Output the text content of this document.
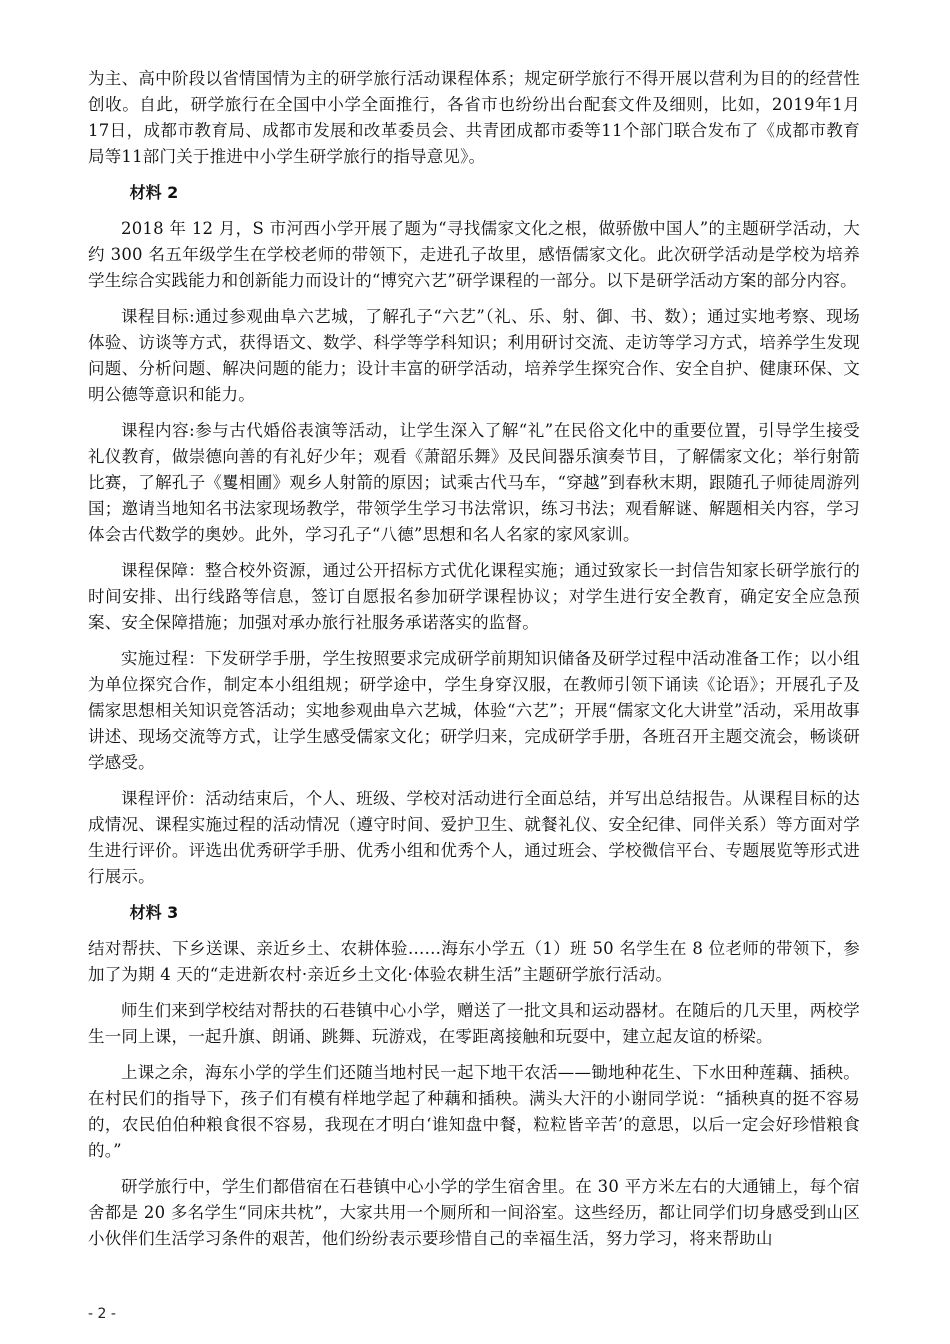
为主、高中阶段以省情国情为主的研学旅行活动课程体系；规定研学旅行不得开展以营利为目的的经营性创收。自此，研学旅行在全国中小学全面推行，各省市也纷纷出台配套文件及细则，比如，2019年1月17日，成都市教育局、成都市发展和改革委员会、共青团成都市委等11个部门联合发布了《成都市教育局等11部门关于推进中小学生研学旅行的指导意见》。

材料 2

2018 年 12 月，S 市河西小学开展了题为“寻找儒家文化之根，做骄傲中国人”的主题研学活动，大约 300 名五年级学生在学校老师的带领下，走进孔子故里，感悟儒家文化。此次研学活动是学校为培养学生综合实践能力和创新能力而设计的“博究六艺”研学课程的一部分。以下是研学活动方案的部分内容。

课程目标:通过参观曲阜六艺城，了解孔子“六艺”（礼、乐、射、御、书、数）；通过实地考察、现场体验、访谈等方式，获得语文、数学、科学等学科知识；利用研讨交流、走访等学习方式，培养学生发现问题、分析问题、解决问题的能力；设计丰富的研学活动，培养学生探究合作、安全自护、健康环保、文明公德等意识和能力。

课程内容:参与古代婚俗表演等活动，让学生深入了解“礼”在民俗文化中的重要位置，引导学生接受礼仪教育，做崇德向善的有礼好少年；观看《萧韶乐舞》及民间器乐演奏节目，了解儒家文化；举行射箭比赛，了解孔子《矍相圃》观乡人射箭的原因；试乘古代马车，“穿越”到春秋末期，跟随孔子师徒周游列国；邀请当地知名书法家现场教学，带领学生学习书法常识，练习书法；观看解谜、解题相关内容，学习体会古代数学的奥妙。此外，学习孔子“八德”思想和名人名家的家风家训。

课程保障：整合校外资源，通过公开招标方式优化课程实施；通过致家长一封信告知家长研学旅行的时间安排、出行线路等信息，签订自愿报名参加研学课程协议；对学生进行安全教育，确定安全应急预案、安全保障措施；加强对承办旅行社服务承诺落实的监督。

实施过程：下发研学手册，学生按照要求完成研学前期知识储备及研学过程中活动准备工作；以小组为单位探究合作，制定本小组组规；研学途中，学生身穿汉服，在教师引领下诵读《论语》；开展孔子及儒家思想相关知识竞答活动；实地参观曲阜六艺城，体验“六艺”；开展“儒家文化大讲堂”活动，采用故事讲述、现场交流等方式，让学生感受儒家文化；研学归来，完成研学手册，各班召开主题交流会，畅谈研学感受。

课程评价：活动结束后，个人、班级、学校对活动进行全面总结，并写出总结报告。从课程目标的达成情况、课程实施过程的活动情况（遵守时间、爱护卫生、就餐礼仪、安全纪律、同伴关系）等方面对学生进行评价。评选出优秀研学手册、优秀小组和优秀个人，通过班会、学校微信平台、专题展览等形式进行展示。

材料 3

结对帮扶、下乡送课、亲近乡土、农耕体验……海东小学五（1）班 50 名学生在 8 位老师的带领下，参加了为期 4 天的“走进新农村·亲近乡土文化·体验农耕生活”主题研学旅行活动。

师生们来到学校结对帮扶的石巷镇中心小学，赠送了一批文具和运动器材。在随后的几天里，两校学生一同上课，一起升旗、朗诵、跳舞、玩游戏，在零距离接触和玩耍中，建立起友谊的桥梁。

上课之余，海东小学的学生们还随当地村民一起下地干农活——锄地种花生、下水田种莲藕、插秧。在村民们的指导下，孩子们有模有样地学起了种藕和插秧。满头大汗的小谢同学说：“插秧真的挺不容易的，农民伯伯种粮食很不容易，我现在才明白‘谁知盘中餐，粒粒皆辛苦’的意思，以后一定会好珍惜粮食的。”

研学旅行中，学生们都借宿在石巷镇中心小学的学生宿舍里。在 30 平方米左右的大通铺上，每个宿舍都是 20 多名学生“同床共枕”，大家共用一个厕所和一间浴室。这些经历，都让同学们切身感受到山区小伙伴们生活学习条件的艰苦，他们纷纷表示要珍惜自己的幸福生活，努力学习，将来帮助山

- 2 -
